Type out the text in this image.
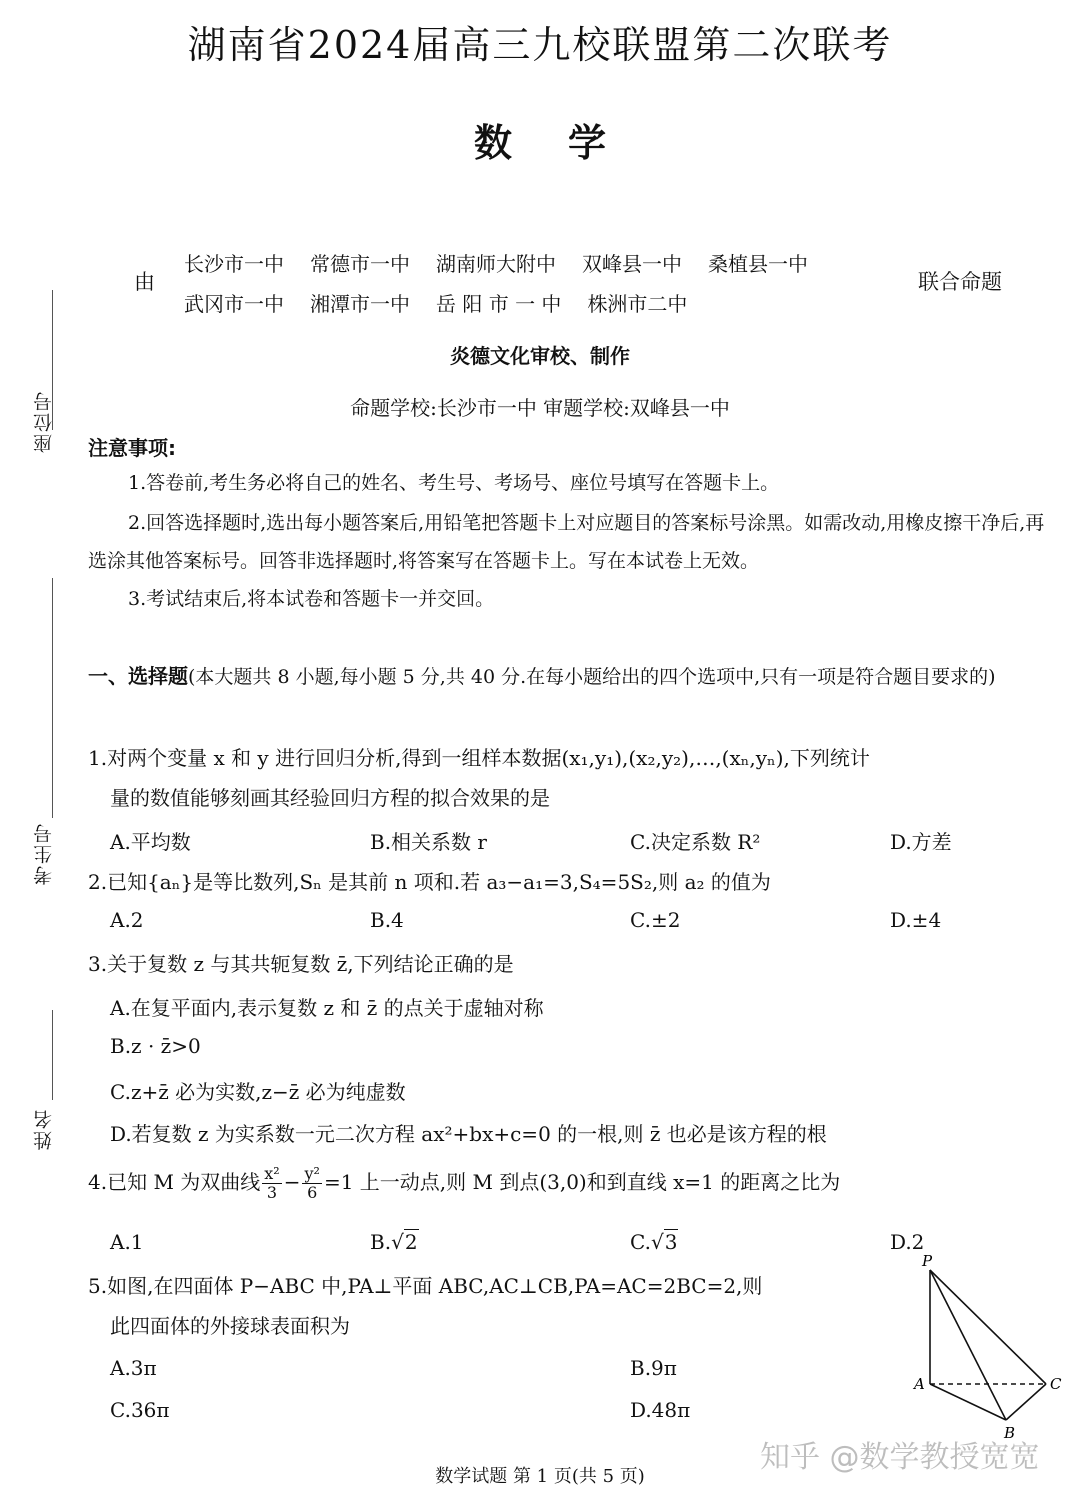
湖南省2024届高三九校联盟第二次联考
数学
由
长沙市一中 常德市一中 湖南师大附中 双峰县一中 桑植县一中
武冈市一中 湘潭市一中 岳 阳 市 一 中 株洲市二中
联合命题
炎德文化审校、制作
命题学校:长沙市一中 审题学校:双峰县一中
座位号
考生号
姓名
注意事项:
1.答卷前,考生务必将自己的姓名、考生号、考场号、座位号填写在答题卡上。
2.回答选择题时,选出每小题答案后,用铅笔把答题卡上对应题目的答案标号涂黑。如需改动,用橡皮擦干净后,再选涂其他答案标号。回答非选择题时,将答案写在答题卡上。写在本试卷上无效。
3.考试结束后,将本试卷和答题卡一并交回。
一、选择题(本大题共 8 小题,每小题 5 分,共 40 分.在每小题给出的四个选项中,只有一项是符合题目要求的)
1.对两个变量 x 和 y 进行回归分析,得到一组样本数据(x₁,y₁),(x₂,y₂),…,(xₙ,yₙ),下列统计
量的数值能够刻画其经验回归方程的拟合效果的是
A.平均数	B.相关系数 r	C.决定系数 R²	D.方差
2.已知{aₙ}是等比数列,Sₙ 是其前 n 项和.若 a₃−a₁=3,S₄=5S₂,则 a₂ 的值为
A.2	B.4	C.±2	D.±4
3.关于复数 z 与其共轭复数 z̄,下列结论正确的是
A.在复平面内,表示复数 z 和 z̄ 的点关于虚轴对称
B.z · z̄>0
C.z+z̄ 必为实数,z−z̄ 必为纯虚数
D.若复数 z 为实系数一元二次方程 ax²+bx+c=0 的一根,则 z̄ 也必是该方程的根
4.已知 M 为双曲线 $\frac{\text{x²}}{3} - \frac{\text{y²}}{6} =1$ 上一动点,则 M 到点(3,0)和到直线 x=1 的距离之比为
A.1	B.√2	C.√3	D.2
5.如图,在四面体 P−ABC 中,PA⊥平面 ABC,AC⊥CB,PA=AC=2BC=2,则
此四面体的外接球表面积为
A.3π	B.9π
C.36π	D.48π
P
A	C
B
数学试题 第 1 页(共 5 页)
知乎 @数学教授宽宽
